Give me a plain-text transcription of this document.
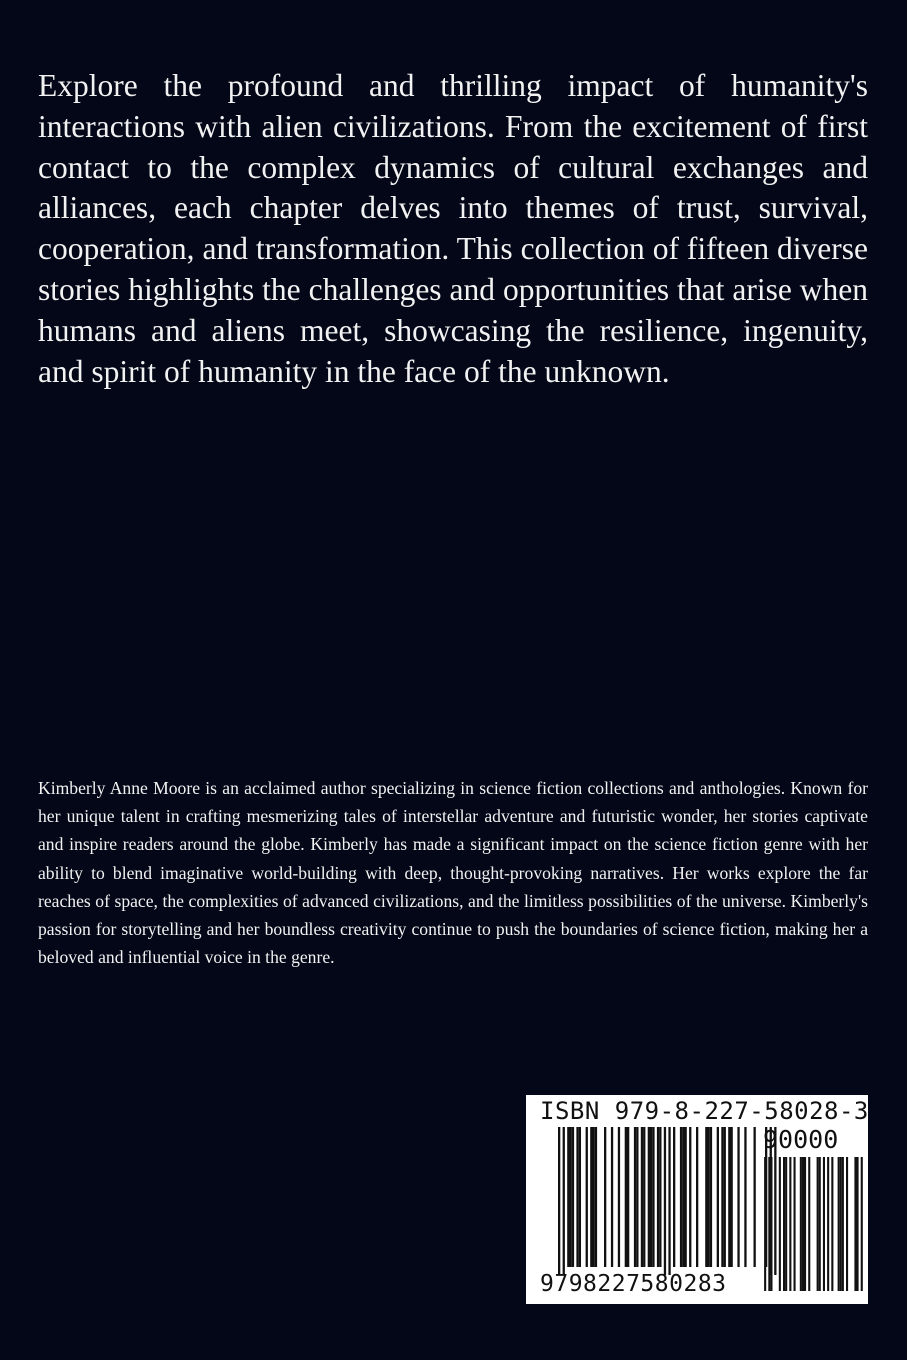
Explore the profound and thrilling impact of humanity's interactions with alien civilizations. From the excitement of first contact to the complex dynamics of cultural exchanges and alliances, each chapter delves into themes of trust, survival, cooperation, and transformation. This collection of fifteen diverse stories highlights the challenges and opportunities that arise when humans and aliens meet, showcasing the resilience, ingenuity, and spirit of humanity in the face of the unknown.

Kimberly Anne Moore is an acclaimed author specializing in science fiction collections and anthologies. Known for her unique talent in crafting mesmerizing tales of interstellar adventure and futuristic wonder, her stories captivate and inspire readers around the globe. Kimberly has made a significant impact on the science fiction genre with her ability to blend imaginative world-building with deep, thought-provoking narratives. Her works explore the far reaches of space, the complexities of advanced civilizations, and the limitless possibilities of the universe. Kimberly's passion for storytelling and her boundless creativity continue to push the boundaries of science fiction, making her a beloved and influential voice in the genre.

ISBN 979-8-227-58028-3
90000
9798227580283
